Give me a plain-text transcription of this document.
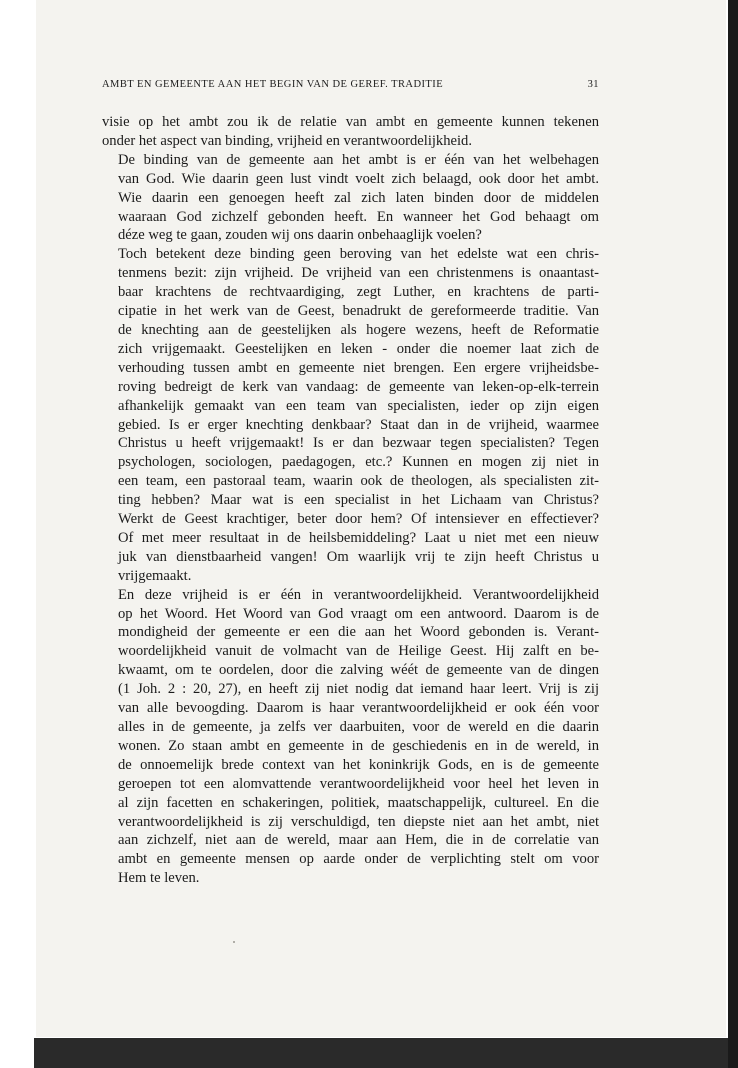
AMBT EN GEMEENTE AAN HET BEGIN VAN DE GEREF. TRADITIE	31

visie op het ambt zou ik de relatie van ambt en gemeente kunnen tekenen
onder het aspect van binding, vrijheid en verantwoordelijkheid.

De binding van de gemeente aan het ambt is er één van het welbehagen
van God. Wie daarin geen lust vindt voelt zich belaagd, ook door het ambt.
Wie daarin een genoegen heeft zal zich laten binden door de middelen
waaraan God zichzelf gebonden heeft. En wanneer het God behaagt om
déze weg te gaan, zouden wij ons daarin onbehaaglijk voelen?

Toch betekent deze binding geen beroving van het edelste wat een chris-
tenmens bezit: zijn vrijheid. De vrijheid van een christenmens is onaantast-
baar krachtens de rechtvaardiging, zegt Luther, en krachtens de parti-
cipatie in het werk van de Geest, benadrukt de gereformeerde traditie. Van
de knechting aan de geestelijken als hogere wezens, heeft de Reformatie
zich vrijgemaakt. Geestelijken en leken - onder die noemer laat zich de
verhouding tussen ambt en gemeente niet brengen. Een ergere vrijheidsbe-
roving bedreigt de kerk van vandaag: de gemeente van leken-op-elk-terrein
afhankelijk gemaakt van een team van specialisten, ieder op zijn eigen
gebied. Is er erger knechting denkbaar? Staat dan in de vrijheid, waarmee
Christus u heeft vrijgemaakt! Is er dan bezwaar tegen specialisten? Tegen
psychologen, sociologen, paedagogen, etc.? Kunnen en mogen zij niet in
een team, een pastoraal team, waarin ook de theologen, als specialisten zit-
ting hebben? Maar wat is een specialist in het Lichaam van Christus?
Werkt de Geest krachtiger, beter door hem? Of intensiever en effectiever?
Of met meer resultaat in de heilsbemiddeling? Laat u niet met een nieuw
juk van dienstbaarheid vangen! Om waarlijk vrij te zijn heeft Christus u
vrijgemaakt.

En deze vrijheid is er één in verantwoordelijkheid. Verantwoordelijkheid
op het Woord. Het Woord van God vraagt om een antwoord. Daarom is de
mondigheid der gemeente er een die aan het Woord gebonden is. Verant-
woordelijkheid vanuit de volmacht van de Heilige Geest. Hij zalft en be-
kwaamt, om te oordelen, door die zalving wéét de gemeente van de dingen
(1 Joh. 2 : 20, 27), en heeft zij niet nodig dat iemand haar leert. Vrij is zij
van alle bevoogding. Daarom is haar verantwoordelijkheid er ook één voor
alles in de gemeente, ja zelfs ver daarbuiten, voor de wereld en die daarin
wonen. Zo staan ambt en gemeente in de geschiedenis en in de wereld, in
de onnoemelijk brede context van het koninkrijk Gods, en is de gemeente
geroepen tot een alomvattende verantwoordelijkheid voor heel het leven in
al zijn facetten en schakeringen, politiek, maatschappelijk, cultureel. En die
verantwoordelijkheid is zij verschuldigd, ten diepste niet aan het ambt, niet
aan zichzelf, niet aan de wereld, maar aan Hem, die in de correlatie van
ambt en gemeente mensen op aarde onder de verplichting stelt om voor
Hem te leven.
